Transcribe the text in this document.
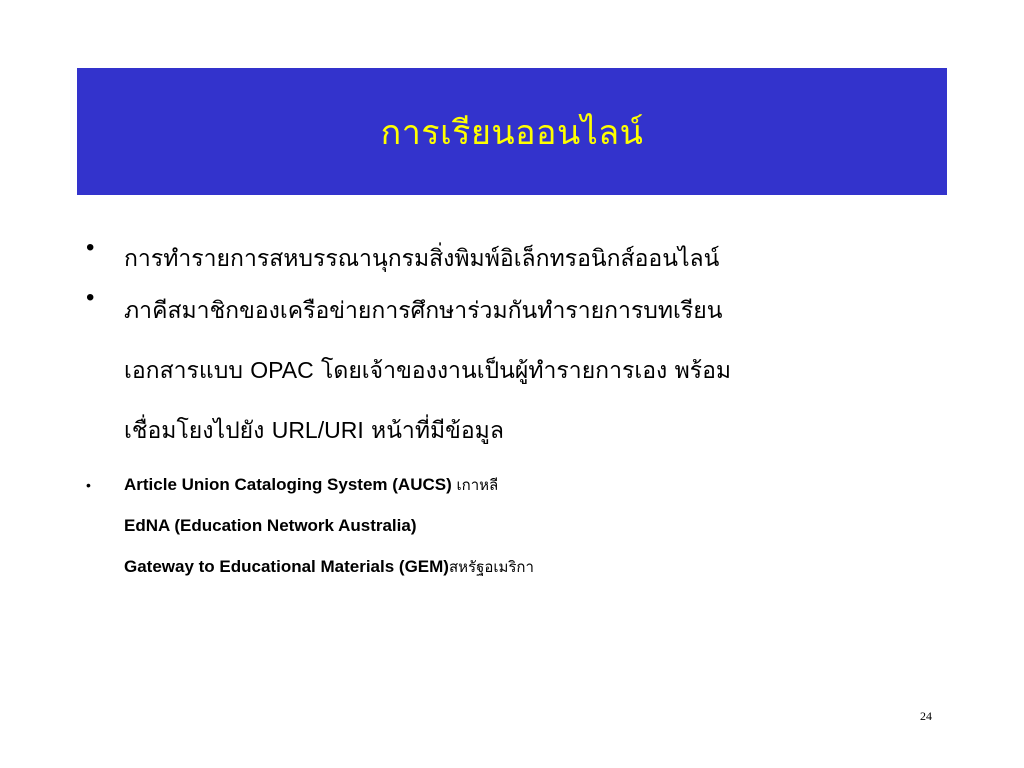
การเรียนออนไลน์
• การทำรายการสหบรรณานุกรมสิ่งพิมพ์อิเล็กทรอนิกส์ออนไลน์
• ภาคีสมาชิกของเครือข่ายการศึกษาร่วมกันทำรายการบทเรียน
เอกสารแบบ OPAC โดยเจ้าของงานเป็นผู้ทำรายการเอง พร้อม
เชื่อมโยงไปยัง URL/URI หน้าที่มีข้อมูล
• Article Union Cataloging System (AUCS) เกาหลี
EdNA (Education Network Australia)
Gateway to Educational Materials (GEM)สหรัฐอเมริกา
24
